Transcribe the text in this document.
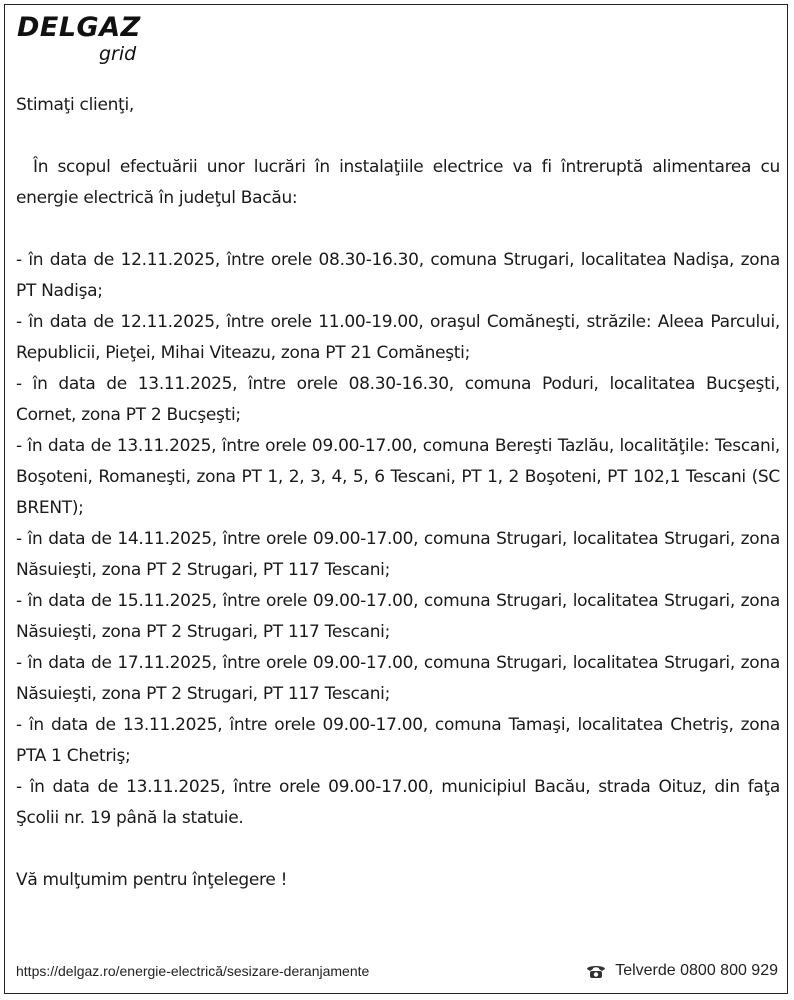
DELGAZ
grid

Stimaţi clienţi,

În scopul efectuării unor lucrări în instalaţiile electrice va fi întreruptă alimentarea cu energie electrică în judeţul Bacău:

- în data de 12.11.2025, între orele 08.30-16.30, comuna Strugari, localitatea Nadişa, zona PT Nadişa;

- în data de 12.11.2025, între orele 11.00-19.00, oraşul Comăneşti, străzile: Aleea Parcului, Republicii, Pieţei, Mihai Viteazu, zona PT 21 Comăneşti;

- în data de 13.11.2025, între orele 08.30-16.30, comuna Poduri, localitatea Bucşeşti, Cornet, zona PT 2 Bucşeşti;

- în data de 13.11.2025, între orele 09.00-17.00, comuna Bereşti Tazlău, localităţile: Tescani, Boşoteni, Romaneşti, zona PT 1, 2, 3, 4, 5, 6 Tescani, PT 1, 2 Boşoteni, PT 102,1 Tescani (SC BRENT);

- în data de 14.11.2025, între orele 09.00-17.00, comuna Strugari, localitatea Strugari, zona Năsuieşti, zona PT 2 Strugari, PT 117 Tescani;

- în data de 15.11.2025, între orele 09.00-17.00, comuna Strugari, localitatea Strugari, zona Năsuieşti, zona PT 2 Strugari, PT 117 Tescani;

- în data de 17.11.2025, între orele 09.00-17.00, comuna Strugari, localitatea Strugari, zona Năsuieşti, zona PT 2 Strugari, PT 117 Tescani;

- în data de 13.11.2025, între orele 09.00-17.00, comuna Tamaşi, localitatea Chetriş, zona PTA 1 Chetriş;

- în data de 13.11.2025, între orele 09.00-17.00, municipiul Bacău, strada Oituz, din faţa Şcolii nr. 19 până la statuie.

Vă mulţumim pentru înţelegere !

https://delgaz.ro/energie-electrică/sesizare-deranjamente	Telverde 0800 800 929
